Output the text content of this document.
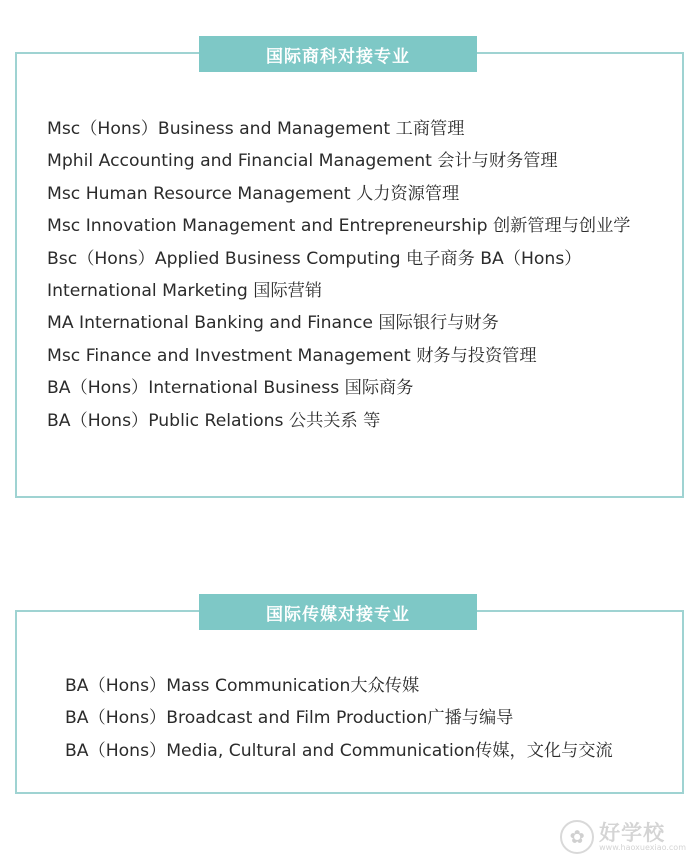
国际商科对接专业
Msc（Hons）Business and Management 工商管理
Mphil Accounting and Financial Management 会计与财务管理
Msc Human Resource Management 人力资源管理
Msc Innovation Management and Entrepreneurship 创新管理与创业学
Bsc（Hons）Applied Business Computing 电子商务 BA（Hons）
International Marketing 国际营销
MA International Banking and Finance 国际银行与财务
Msc Finance and Investment Management 财务与投资管理
BA（Hons）International Business 国际商务
BA（Hons）Public Relations 公共关系 等
国际传媒对接专业
BA（Hons）Mass Communication大众传媒
BA（Hons）Broadcast and Film Production广播与编导
BA（Hons）Media, Cultural and Communication传媒，文化与交流
✿ 好学校
www.haoxuexiao.com
